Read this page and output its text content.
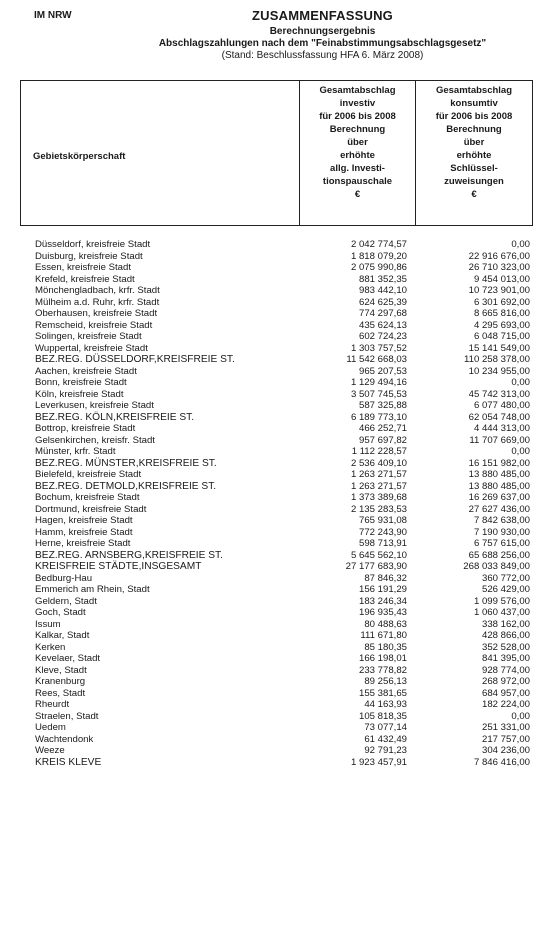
IM NRW	ZUSAMMENFASSUNG
Berechnungsergebnis
Abschlagszahlungen nach dem "Feinabstimmungsabschlagsgesetz"
(Stand: Beschlussfassung HFA 6. März 2008)
Gebietskörperschaft
Gesamtabschlag
investiv
für 2006 bis 2008
Berechnung
über
erhöhte
allg. Investi-
tionspauschale
€
Gesamtabschlag
konsumtiv
für 2006 bis 2008
Berechnung
über
erhöhte
Schlüssel-
zuweisungen
€
Düsseldorf, kreisfreie Stadt	2 042 774,57	0,00
Duisburg, kreisfreie Stadt	1 818 079,20	22 916 676,00
Essen, kreisfreie Stadt	2 075 990,86	26 710 323,00
Krefeld, kreisfreie Stadt	881 352,35	9 454 013,00
Mönchengladbach, krfr. Stadt	983 442,10	10 723 901,00
Mülheim a.d. Ruhr, krfr. Stadt	624 625,39	6 301 692,00
Oberhausen, kreisfreie Stadt	774 297,68	8 665 816,00
Remscheid, kreisfreie Stadt	435 624,13	4 295 693,00
Solingen, kreisfreie Stadt	602 724,23	6 048 715,00
Wuppertal, kreisfreie Stadt	1 303 757,52	15 141 549,00
BEZ.REG. DÜSSELDORF,KREISFREIE ST.	11 542 668,03	110 258 378,00
Aachen, kreisfreie Stadt	965 207,53	10 234 955,00
Bonn, kreisfreie Stadt	1 129 494,16	0,00
Köln, kreisfreie Stadt	3 507 745,53	45 742 313,00
Leverkusen, kreisfreie Stadt	587 325,88	6 077 480,00
BEZ.REG. KÖLN,KREISFREIE ST.	6 189 773,10	62 054 748,00
Bottrop, kreisfreie Stadt	466 252,71	4 444 313,00
Gelsenkirchen, kreisfr. Stadt	957 697,82	11 707 669,00
Münster, krfr. Stadt	1 112 228,57	0,00
BEZ.REG. MÜNSTER,KREISFREIE ST.	2 536 409,10	16 151 982,00
Bielefeld, kreisfreie Stadt	1 263 271,57	13 880 485,00
BEZ.REG. DETMOLD,KREISFREIE ST.	1 263 271,57	13 880 485,00
Bochum, kreisfreie Stadt	1 373 389,68	16 269 637,00
Dortmund, kreisfreie Stadt	2 135 283,53	27 627 436,00
Hagen, kreisfreie Stadt	765 931,08	7 842 638,00
Hamm, kreisfreie Stadt	772 243,90	7 190 930,00
Herne, kreisfreie Stadt	598 713,91	6 757 615,00
BEZ.REG. ARNSBERG,KREISFREIE ST.	5 645 562,10	65 688 256,00
KREISFREIE STÄDTE,INSGESAMT	27 177 683,90	268 033 849,00
Bedburg-Hau	87 846,32	360 772,00
Emmerich am Rhein, Stadt	156 191,29	526 429,00
Geldern, Stadt	183 246,34	1 099 576,00
Goch, Stadt	196 935,43	1 060 437,00
Issum	80 488,63	338 162,00
Kalkar, Stadt	111 671,80	428 866,00
Kerken	85 180,35	352 528,00
Kevelaer, Stadt	166 198,01	841 395,00
Kleve, Stadt	233 778,82	928 774,00
Kranenburg	89 256,13	268 972,00
Rees, Stadt	155 381,65	684 957,00
Rheurdt	44 163,93	182 224,00
Straelen, Stadt	105 818,35	0,00
Uedem	73 077,14	251 331,00
Wachtendonk	61 432,49	217 757,00
Weeze	92 791,23	304 236,00
KREIS KLEVE	1 923 457,91	7 846 416,00
